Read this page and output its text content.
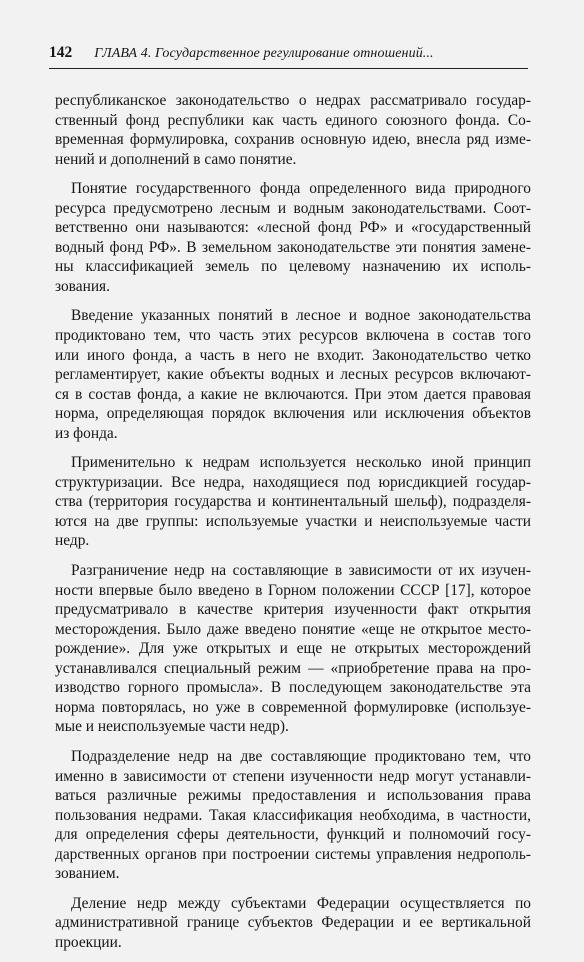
142 ГЛАВА 4. Государственное регулирование отношений...

республиканское законодательство о недрах рассматривало государ-
ственный фонд республики как часть единого союзного фонда. Со-
временная формулировка, сохранив основную идею, внесла ряд изме-
нений и дополнений в само понятие.

Понятие государственного фонда определенного вида природного
ресурса предусмотрено лесным и водным законодательствами. Соот-
ветственно они называются: «лесной фонд РФ» и «государственный
водный фонд РФ». В земельном законодательстве эти понятия замене-
ны классификацией земель по целевому назначению их исполь-
зования.

Введение указанных понятий в лесное и водное законодательства
продиктовано тем, что часть этих ресурсов включена в состав того
или иного фонда, а часть в него не входит. Законодательство четко
регламентирует, какие объекты водных и лесных ресурсов включают-
ся в состав фонда, а какие не включаются. При этом дается правовая
норма, определяющая порядок включения или исключения объектов
из фонда.

Применительно к недрам используется несколько иной принцип
структуризации. Все недра, находящиеся под юрисдикцией государ-
ства (территория государства и континентальный шельф), подразделя-
ются на две группы: используемые участки и неиспользуемые части
недр.

Разграничение недр на составляющие в зависимости от их изучен-
ности впервые было введено в Горном положении СССР [17], которое
предусматривало в качестве критерия изученности факт открытия
месторождения. Было даже введено понятие «еще не открытое место-
рождение». Для уже открытых и еще не открытых месторождений
устанавливался специальный режим — «приобретение права на про-
изводство горного промысла». В последующем законодательстве эта
норма повторялась, но уже в современной формулировке (используе-
мые и неиспользуемые части недр).

Подразделение недр на две составляющие продиктовано тем, что
именно в зависимости от степени изученности недр могут устанавли-
ваться различные режимы предоставления и использования права
пользования недрами. Такая классификация необходима, в частности,
для определения сферы деятельности, функций и полномочий госу-
дарственных органов при построении системы управления недрополь-
зованием.

Деление недр между субъектами Федерации осуществляется по
административной границе субъектов Федерации и ее вертикальной
проекции.
